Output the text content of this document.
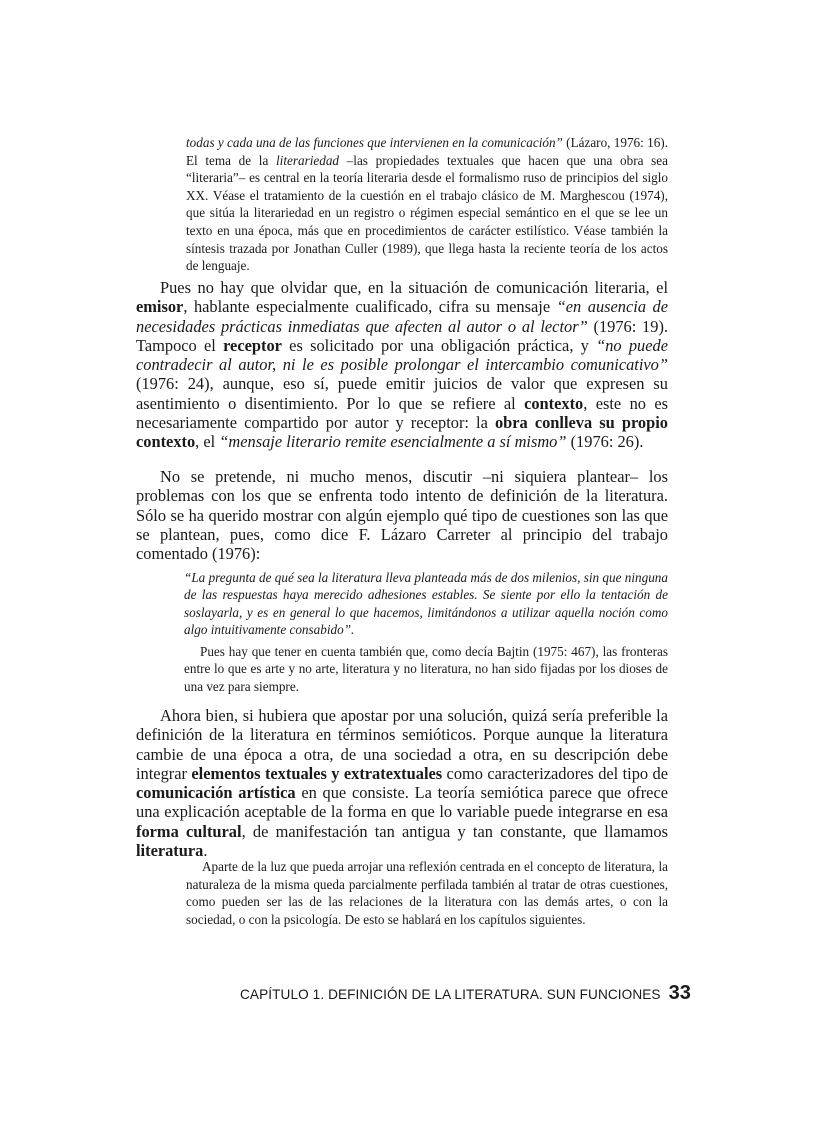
todas y cada una de las funciones que intervienen en la comunicación” (Lázaro, 1976: 16). El tema de la literariedad –las propiedades textuales que hacen que una obra sea “literaria”– es central en la teoría literaria desde el formalismo ruso de principios del siglo XX. Véase el tratamiento de la cuestión en el trabajo clásico de M. Marghescou (1974), que sitúa la literariedad en un registro o régimen especial semántico en el que se lee un texto en una época, más que en procedimientos de carácter estilístico. Véase también la síntesis trazada por Jonathan Culler (1989), que llega hasta la reciente teoría de los actos de lenguaje.

Pues no hay que olvidar que, en la situación de comunicación literaria, el emisor, hablante especialmente cualificado, cifra su mensaje “en ausencia de necesidades prácticas inmediatas que afecten al autor o al lector” (1976: 19). Tampoco el receptor es solicitado por una obligación práctica, y “no puede contradecir al autor, ni le es posible prolongar el intercambio comunicativo” (1976: 24), aunque, eso sí, puede emitir juicios de valor que expresen su asentimiento o disentimiento. Por lo que se refiere al contexto, este no es necesariamente compartido por autor y receptor: la obra conlleva su propio contexto, el “mensaje literario remite esencialmente a sí mismo” (1976: 26).

No se pretende, ni mucho menos, discutir –ni siquiera plantear– los problemas con los que se enfrenta todo intento de definición de la literatura. Sólo se ha querido mostrar con algún ejemplo qué tipo de cuestiones son las que se plantean, pues, como dice F. Lázaro Carreter al principio del trabajo comentado (1976):

“La pregunta de qué sea la literatura lleva planteada más de dos milenios, sin que ninguna de las respuestas haya merecido adhesiones estables. Se siente por ello la tentación de soslayarla, y es en general lo que hacemos, limitándonos a utilizar aquella noción como algo intuitivamente consabido”.

Pues hay que tener en cuenta también que, como decía Bajtin (1975: 467), las fronteras entre lo que es arte y no arte, literatura y no literatura, no han sido fijadas por los dioses de una vez para siempre.

Ahora bien, si hubiera que apostar por una solución, quizá sería preferible la definición de la literatura en términos semióticos. Porque aunque la literatura cambie de una época a otra, de una sociedad a otra, en su descripción debe integrar elementos textuales y extratextuales como caracterizadores del tipo de comunicación artística en que consiste. La teoría semiótica parece que ofrece una explicación aceptable de la forma en que lo variable puede integrarse en esa forma cultural, de manifestación tan antigua y tan constante, que llamamos literatura.

Aparte de la luz que pueda arrojar una reflexión centrada en el concepto de literatura, la naturaleza de la misma queda parcialmente perfilada también al tratar de otras cuestiones, como pueden ser las de las relaciones de la literatura con las demás artes, o con la sociedad, o con la psicología. De esto se hablará en los capítulos siguientes.

CAPÍTULO 1. DEFINICIÓN DE LA LITERATURA. SUN FUNCIONES 33
